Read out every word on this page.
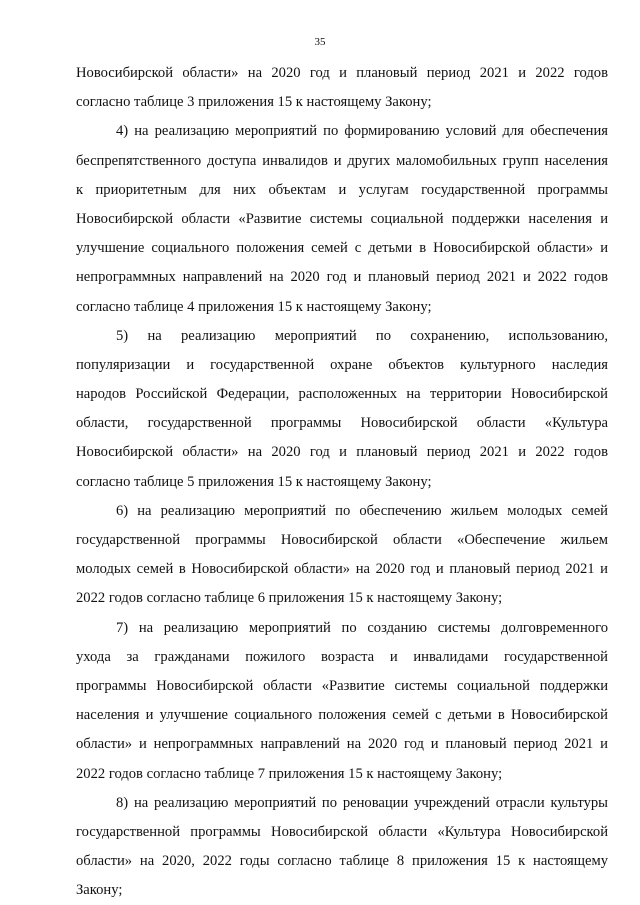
35
Новосибирской области» на 2020 год и плановый период 2021 и 2022 годов
согласно таблице 3 приложения 15 к настоящему Закону;
4) на реализацию мероприятий по формированию условий для обеспечения
беспрепятственного доступа инвалидов и других маломобильных групп населения
к приоритетным для них объектам и услугам государственной программы
Новосибирской области «Развитие системы социальной поддержки населения и
улучшение социального положения семей с детьми в Новосибирской области» и
непрограммных направлений на 2020 год и плановый период 2021 и 2022 годов
согласно таблице 4 приложения 15 к настоящему Закону;
5) на реализацию мероприятий по сохранению, использованию,
популяризации и государственной охране объектов культурного наследия
народов Российской Федерации, расположенных на территории Новосибирской
области, государственной программы Новосибирской области «Культура
Новосибирской области» на 2020 год и плановый период 2021 и 2022 годов
согласно таблице 5 приложения 15 к настоящему Закону;
6) на реализацию мероприятий по обеспечению жильем молодых семей
государственной программы Новосибирской области «Обеспечение жильем
молодых семей в Новосибирской области» на 2020 год и плановый период 2021 и
2022 годов согласно таблице 6 приложения 15 к настоящему Закону;
7) на реализацию мероприятий по созданию системы долговременного
ухода за гражданами пожилого возраста и инвалидами государственной
программы Новосибирской области «Развитие системы социальной поддержки
населения и улучшение социального положения семей с детьми в Новосибирской
области» и непрограммных направлений на 2020 год и плановый период 2021 и
2022 годов согласно таблице 7 приложения 15 к настоящему Закону;
8) на реализацию мероприятий по реновации учреждений отрасли культуры
государственной программы Новосибирской области «Культура Новосибирской
области» на 2020, 2022 годы согласно таблице 8 приложения 15 к настоящему
Закону;
